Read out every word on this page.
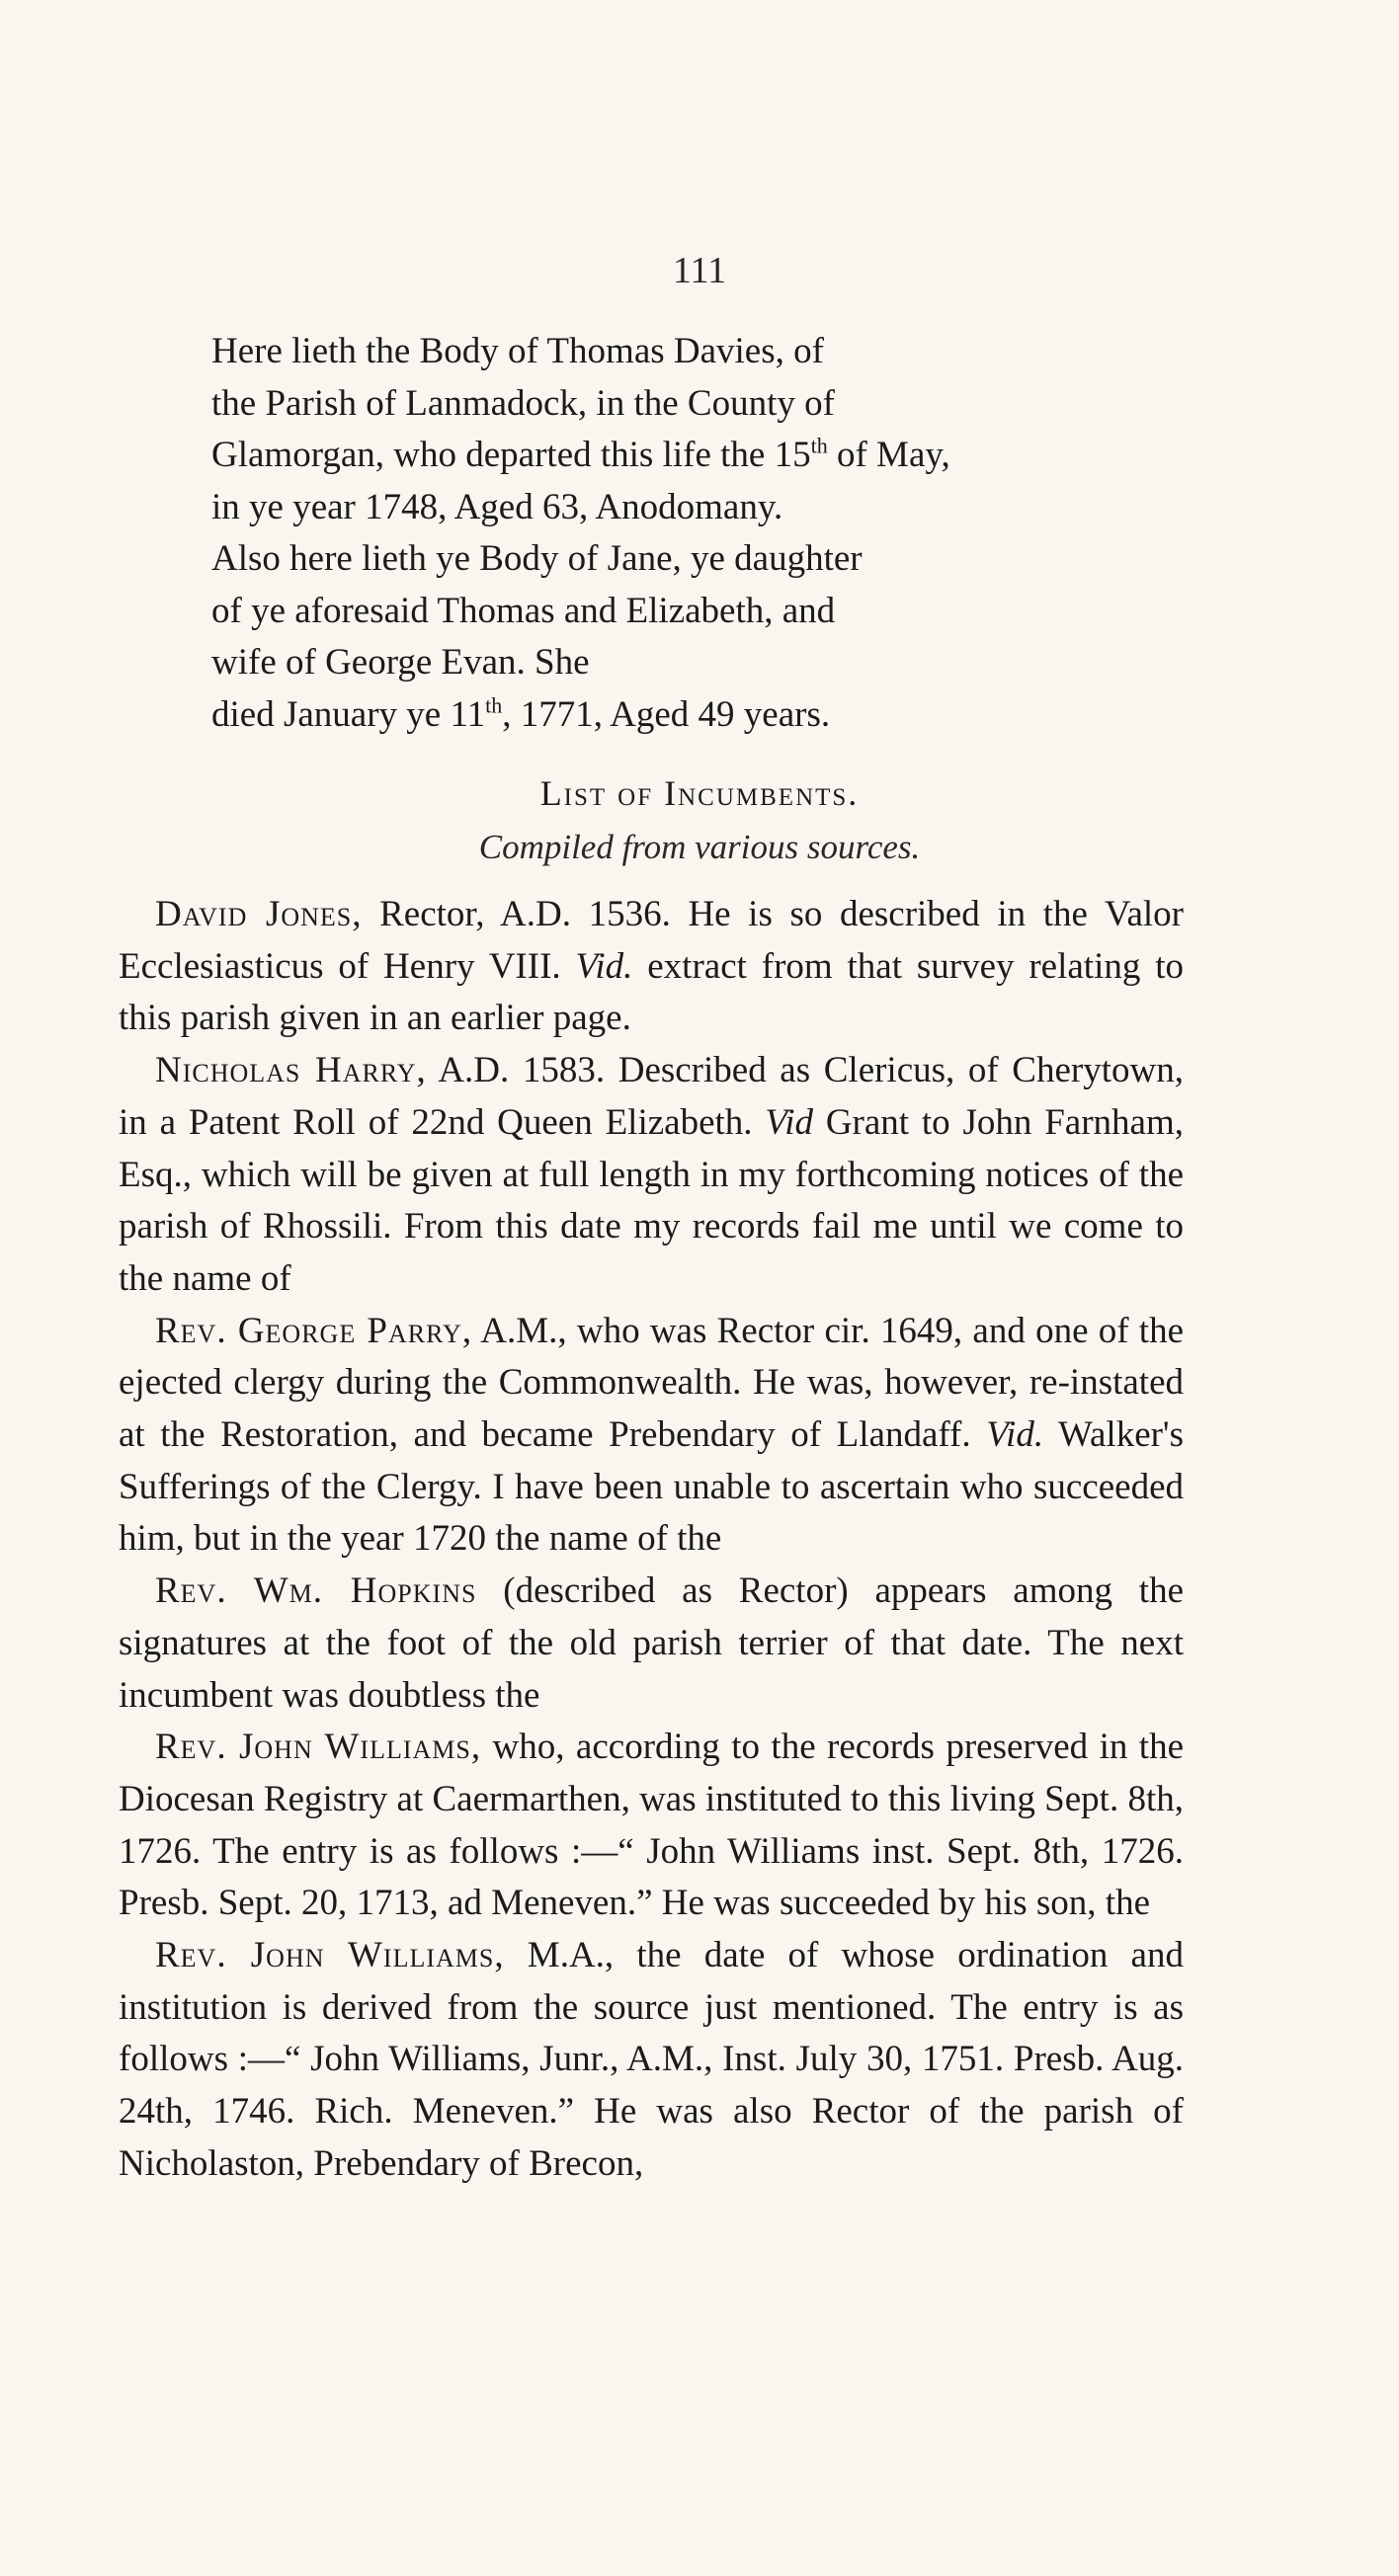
111
Here lieth the Body of Thomas Davies, of
the Parish of Lanmadock, in the County of
Glamorgan, who departed this life the 15th of May,
in ye year 1748, Aged 63, Anodomany.
Also here lieth ye Body of Jane, ye daughter
of ye aforesaid Thomas and Elizabeth, and
wife of George Evan. She
died January ye 11th, 1771, Aged 49 years.
List of Incumbents.
Compiled from various sources.

David Jones, Rector, A.D. 1536. He is so described in the Valor Ecclesiasticus of Henry VIII. Vid. extract from that survey relating to this parish given in an earlier page.

Nicholas Harry, A.D. 1583. Described as Clericus, of Cherytown, in a Patent Roll of 22nd Queen Elizabeth. Vid Grant to John Farnham, Esq., which will be given at full length in my forthcoming notices of the parish of Rhossili. From this date my records fail me until we come to the name of

Rev. George Parry, A.M., who was Rector cir. 1649, and one of the ejected clergy during the Commonwealth. He was, however, re-instated at the Restoration, and became Prebendary of Llandaff. Vid. Walker's Sufferings of the Clergy. I have been unable to ascertain who succeeded him, but in the year 1720 the name of the

Rev. Wm. Hopkins (described as Rector) appears among the signatures at the foot of the old parish terrier of that date. The next incumbent was doubtless the

Rev. John Williams, who, according to the records preserved in the Diocesan Registry at Caermarthen, was instituted to this living Sept. 8th, 1726. The entry is as follows :—“ John Williams inst. Sept. 8th, 1726. Presb. Sept. 20, 1713, ad Meneven.” He was succeeded by his son, the

Rev. John Williams, M.A., the date of whose ordination and institution is derived from the source just mentioned. The entry is as follows :—“ John Williams, Junr., A.M., Inst. July 30, 1751. Presb. Aug. 24th, 1746. Rich. Meneven.” He was also Rector of the parish of Nicholaston, Prebendary of Brecon,
